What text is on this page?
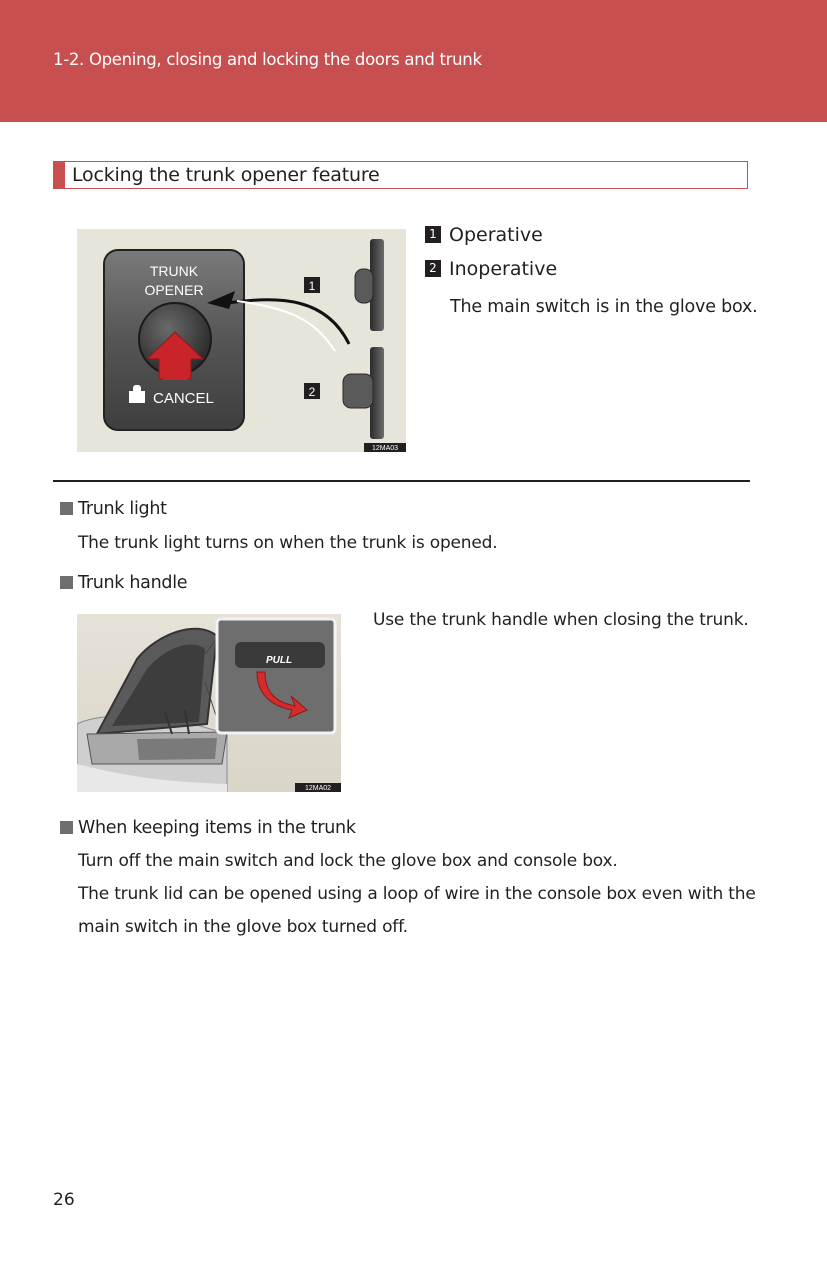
1-2. Opening, closing and locking the doors and trunk
Locking the trunk opener feature
TRUNK
OPENER
CANCEL
1
2
12MA03
1 Operative
2 Inoperative
The main switch is in the glove box.
Trunk light
The trunk light turns on when the trunk is opened.
Trunk handle
PULL
12MA02
Use the trunk handle when closing the trunk.
When keeping items in the trunk
Turn off the main switch and lock the glove box and console box.
The trunk lid can be opened using a loop of wire in the console box even with the
main switch in the glove box turned off.
26
